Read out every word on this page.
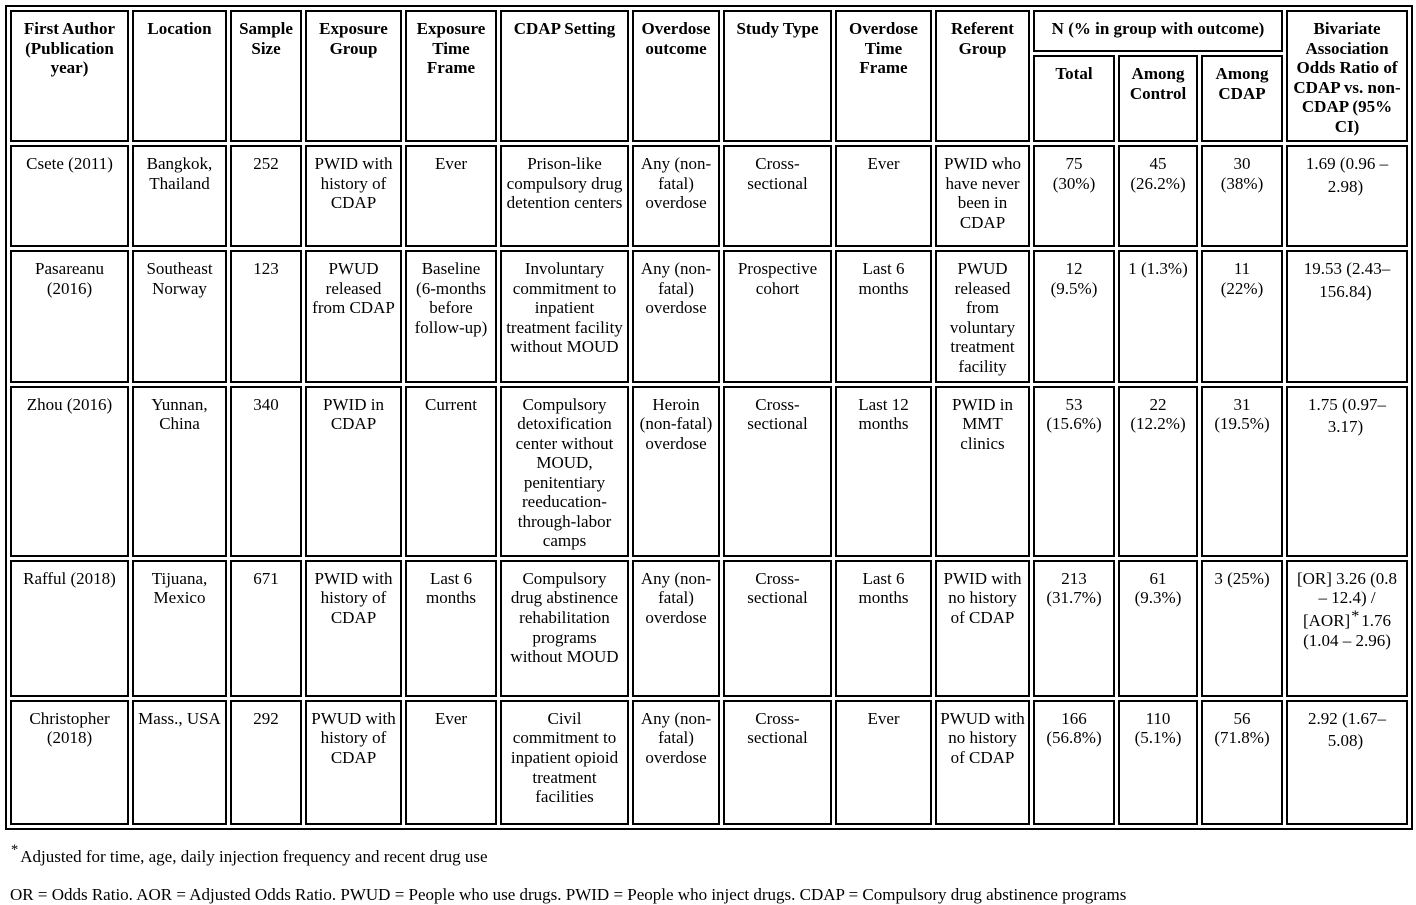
First Author (Publication year)	Location	Sample Size	Exposure Group	Exposure Time Frame	CDAP Setting	Overdose outcome	Study Type	Overdose Time Frame	Referent Group	N (% in group with outcome)			Bivariate Association Odds Ratio of CDAP vs. non- CDAP (95% CI)
										Total	Among Control	Among CDAP	
Csete (2011)	Bangkok, Thailand	252	PWID with history of CDAP	Ever	Prison-like compulsory drug detention centers	Any (non-fatal) overdose	Cross-sectional	Ever	PWID who have never been in CDAP	75 (30%)	45 (26.2%)	30 (38%)	1.69 (0.96 – 2.98)
Pasareanu (2016)	Southeast Norway	123	PWUD released from CDAP	Baseline (6-months before follow-up)	Involuntary commitment to inpatient treatment facility without MOUD	Any (non-fatal) overdose	Prospective cohort	Last 6 months	PWUD released from voluntary treatment facility	12 (9.5%)	1 (1.3%)	11 (22%)	19.53 (2.43–156.84)
Zhou (2016)	Yunnan, China	340	PWID in CDAP	Current	Compulsory detoxification center without MOUD, penitentiary reeducation-through-labor camps	Heroin (non-fatal) overdose	Cross-sectional	Last 12 months	PWID in MMT clinics	53 (15.6%)	22 (12.2%)	31 (19.5%)	1.75 (0.97–3.17)
Rafful (2018)	Tijuana, Mexico	671	PWID with history of CDAP	Last 6 months	Compulsory drug abstinence rehabilitation programs without MOUD	Any (non-fatal) overdose	Cross-sectional	Last 6 months	PWID with no history of CDAP	213 (31.7%)	61 (9.3%)	3 (25%)	[OR] 3.26 (0.8 – 12.4) / [AOR]* 1.76 (1.04 – 2.96)
Christopher (2018)	Mass., USA	292	PWUD with history of CDAP	Ever	Civil commitment to inpatient opioid treatment facilities	Any (non-fatal) overdose	Cross-sectional	Ever	PWUD with no history of CDAP	166 (56.8%)	110 (5.1%)	56 (71.8%)	2.92 (1.67–5.08)
* Adjusted for time, age, daily injection frequency and recent drug use
OR = Odds Ratio. AOR = Adjusted Odds Ratio. PWUD = People who use drugs. PWID = People who inject drugs. CDAP = Compulsory drug abstinence programs
